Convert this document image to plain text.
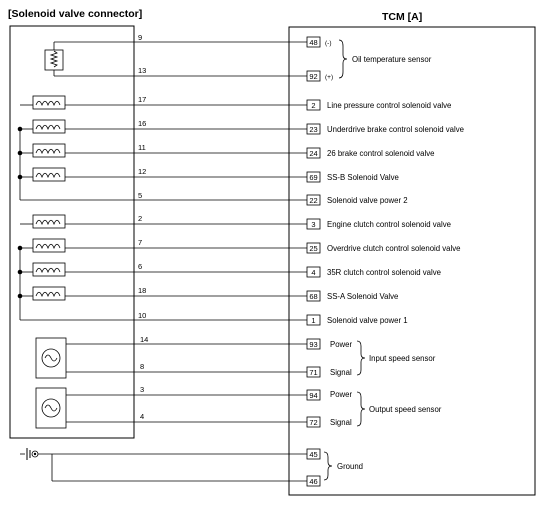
[Solenoid valve connector]	TCM [A]
9
13
48
92
(-)
(+)
Oil temperature sensor
5
22 Solenoid valve power 2
10
1 Solenoid valve power 1
17
2 Line pressure control solenoid valve
16
23 Underdrive brake control solenoid valve
11
24 26 brake control solenoid valve
12
69 SS-B Solenoid Valve
2
3 Engine clutch control solenoid valve
7
25 Overdrive clutch control solenoid valve
6
4 35R clutch control solenoid valve
18
68 SS-A Solenoid Valve
14
8
93
71
Power
Signal
Input speed sensor
3
4
94
72
Power
Signal
Output speed sensor
45
46
Ground
